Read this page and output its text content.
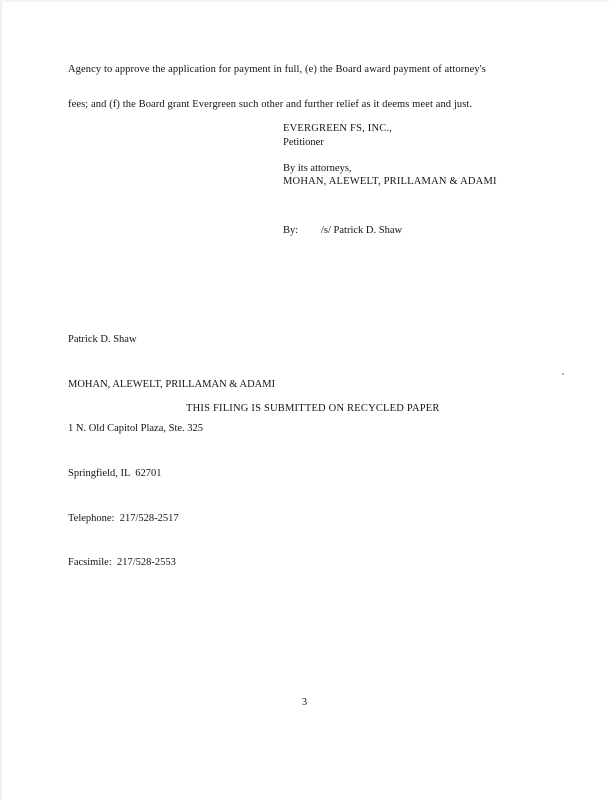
Agency to approve the application for payment in full, (e) the Board award payment of attorney's
fees; and (f) the Board grant Evergreen such other and further relief as it deems meet and just.
EVERGREEN FS, INC.,
Petitioner
By its attorneys,
MOHAN, ALEWELT, PRILLAMAN & ADAMI
By: /s/ Patrick D. Shaw

Patrick D. Shaw

MOHAN, ALEWELT, PRILLAMAN & ADAMI

1 N. Old Capitol Plaza, Ste. 325

Springfield, IL  62701

Telephone:  217/528-2517

Facsimile:  217/528-2553

THIS FILING IS SUBMITTED ON RECYCLED PAPER
3
